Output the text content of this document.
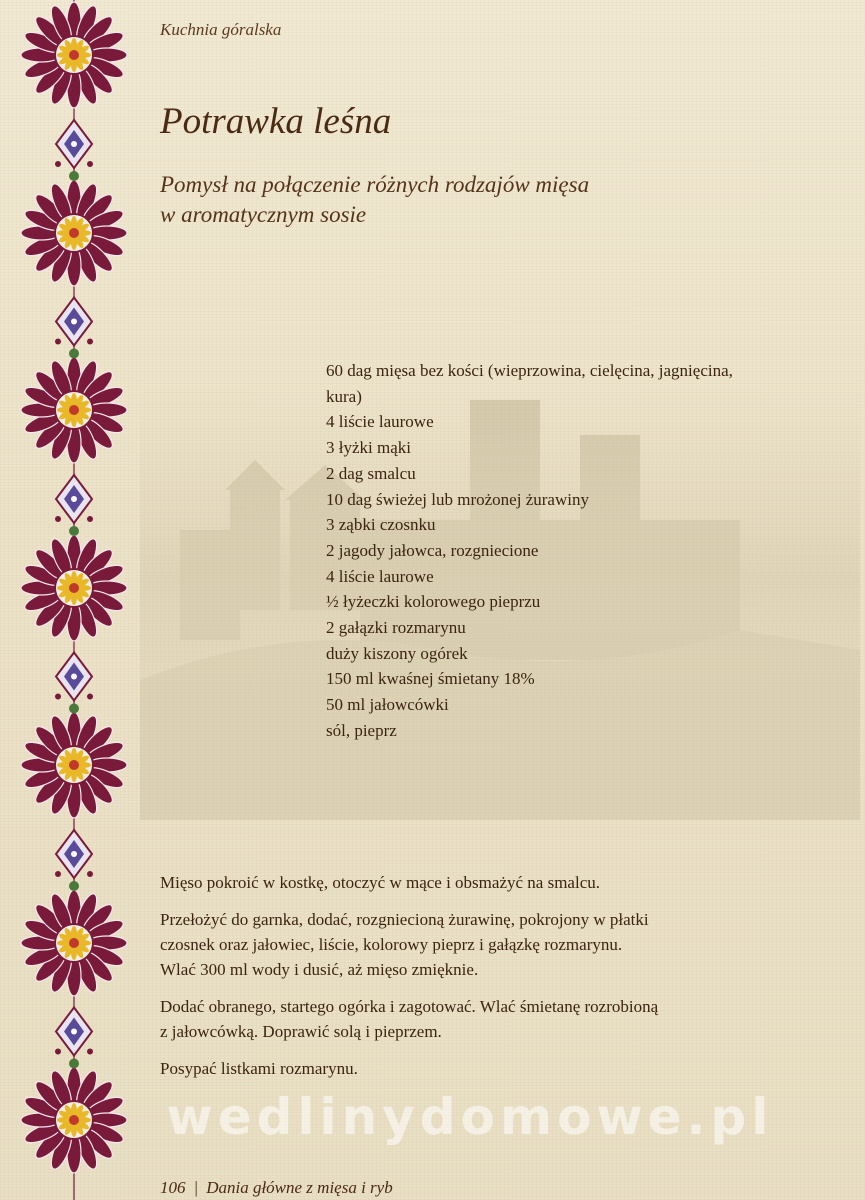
Kuchnia góralska
Potrawka leśna
Pomysł na połączenie różnych rodzajów mięsa
w aromatycznym sosie
60 dag mięsa bez kości (wieprzowina, cielęcina, jagnięcina,
kura)
4 liście laurowe
3 łyżki mąki
2 dag smalcu
10 dag świeżej lub mrożonej żurawiny
3 ząbki czosnku
2 jagody jałowca, rozgniecione
4 liście laurowe
½ łyżeczki kolorowego pieprzu
2 gałązki rozmarynu
duży kiszony ogórek
150 ml kwaśnej śmietany 18%
50 ml jałowcówki
sól, pieprz

Mięso pokroić w kostkę, otoczyć w mące i obsmażyć na smalcu.

Przełożyć do garnka, dodać, rozgniecioną żurawinę, pokrojony w płatki
czosnek oraz jałowiec, liście, kolorowy pieprz i gałązkę rozmarynu.
Wlać 300 ml wody i dusić, aż mięso zmięknie.

Dodać obranego, startego ogórka i zagotować. Wlać śmietanę rozrobioną
z jałowcówką. Doprawić solą i pieprzem.

Posypać listkami rozmarynu.

wedlinydomowe.pl
106 | Dania główne z mięsa i ryb
